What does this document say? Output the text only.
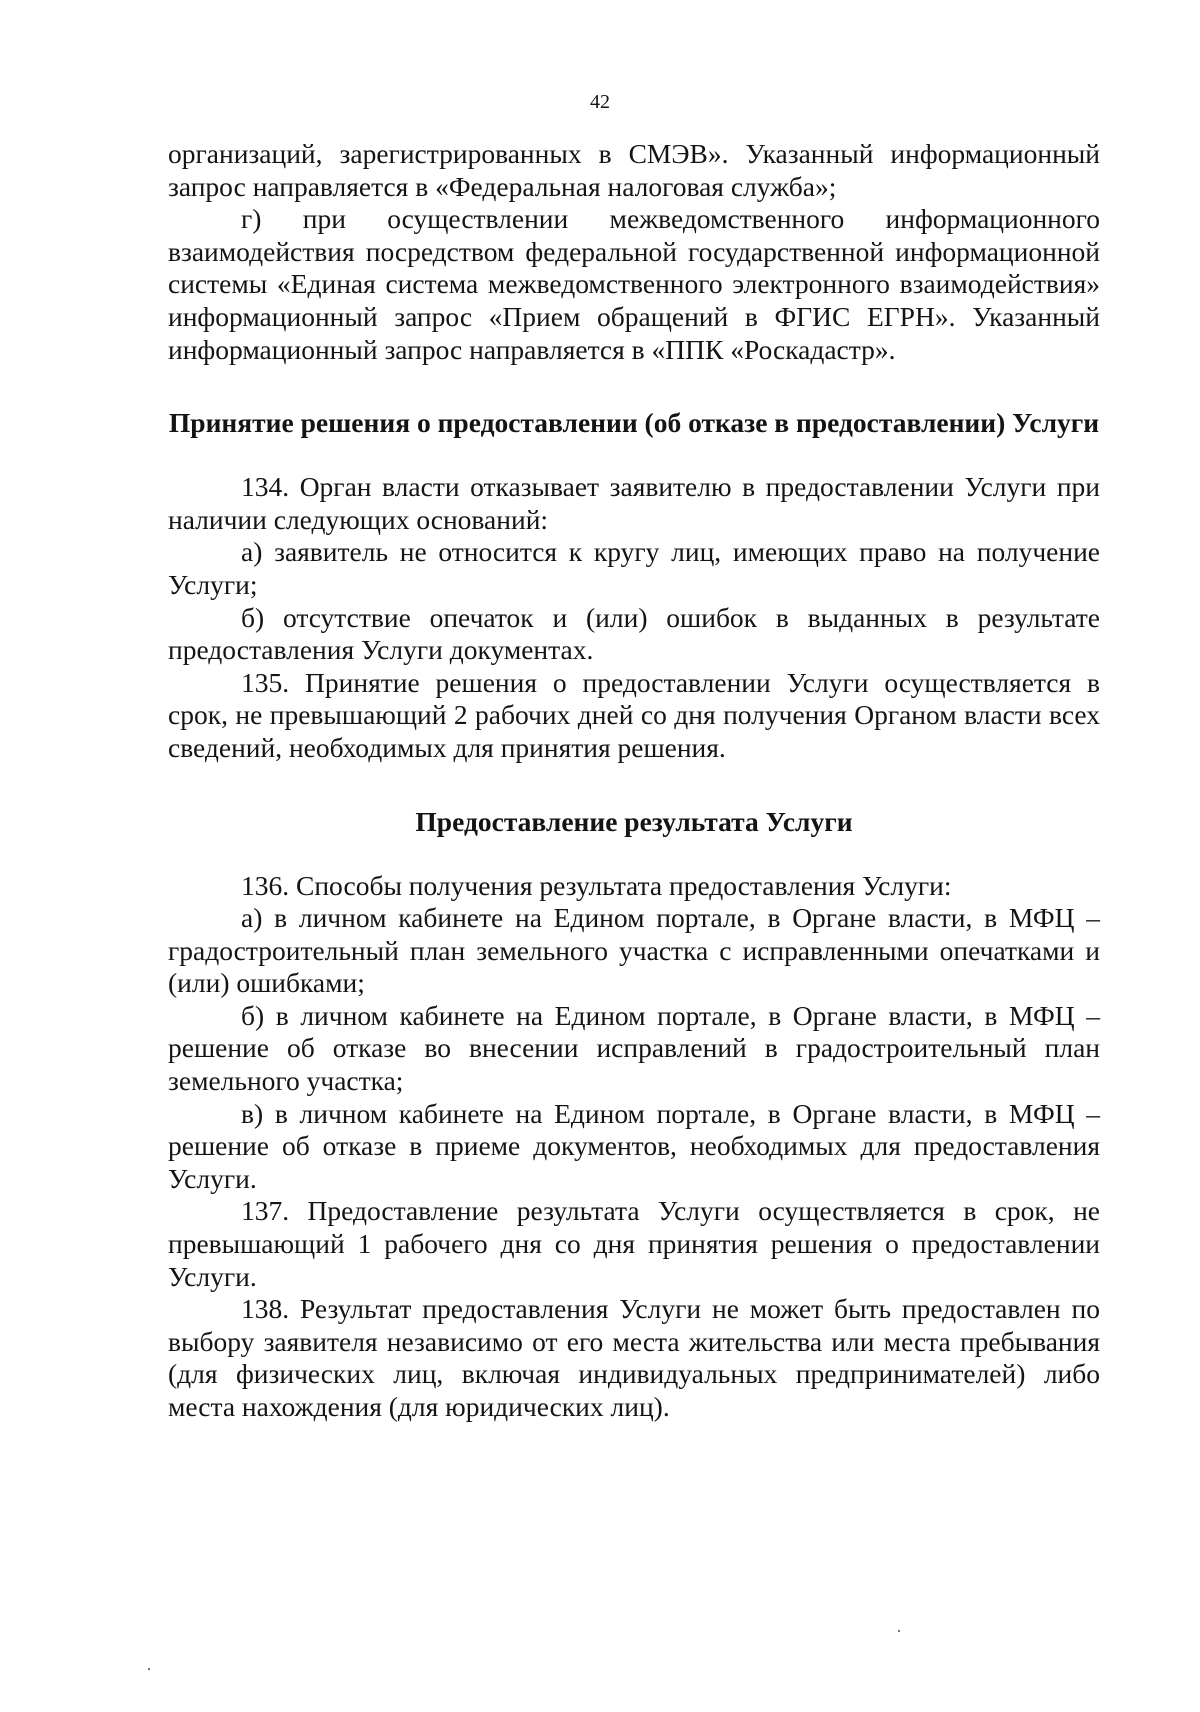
42

организаций, зарегистрированных в СМЭВ». Указанный информационный запрос направляется в «Федеральная налоговая служба»;

г) при осуществлении межведомственного информационного взаимодействия посредством федеральной государственной информационной системы «Единая система межведомственного электронного взаимодействия» информационный запрос «Прием обращений в ФГИС ЕГРН». Указанный информационный запрос направляется в «ППК «Роскадастр».

Принятие решения о предоставлении (об отказе в предоставлении) Услуги

134. Орган власти отказывает заявителю в предоставлении Услуги при наличии следующих оснований:

а) заявитель не относится к кругу лиц, имеющих право на получение Услуги;

б) отсутствие опечаток и (или) ошибок в выданных в результате предоставления Услуги документах.

135. Принятие решения о предоставлении Услуги осуществляется в срок, не превышающий 2 рабочих дней со дня получения Органом власти всех сведений, необходимых для принятия решения.

Предоставление результата Услуги

136. Способы получения результата предоставления Услуги:

а) в личном кабинете на Едином портале, в Органе власти, в МФЦ – градостроительный план земельного участка с исправленными опечатками и (или) ошибками;

б) в личном кабинете на Едином портале, в Органе власти, в МФЦ – решение об отказе во внесении исправлений в градостроительный план земельного участка;

в) в личном кабинете на Едином портале, в Органе власти, в МФЦ – решение об отказе в приеме документов, необходимых для предоставления Услуги.

137. Предоставление результата Услуги осуществляется в срок, не превышающий 1 рабочего дня со дня принятия решения о предоставлении Услуги.

138. Результат предоставления Услуги не может быть предоставлен по выбору заявителя независимо от его места жительства или места пребывания (для физических лиц, включая индивидуальных предпринимателей) либо места нахождения (для юридических лиц).
